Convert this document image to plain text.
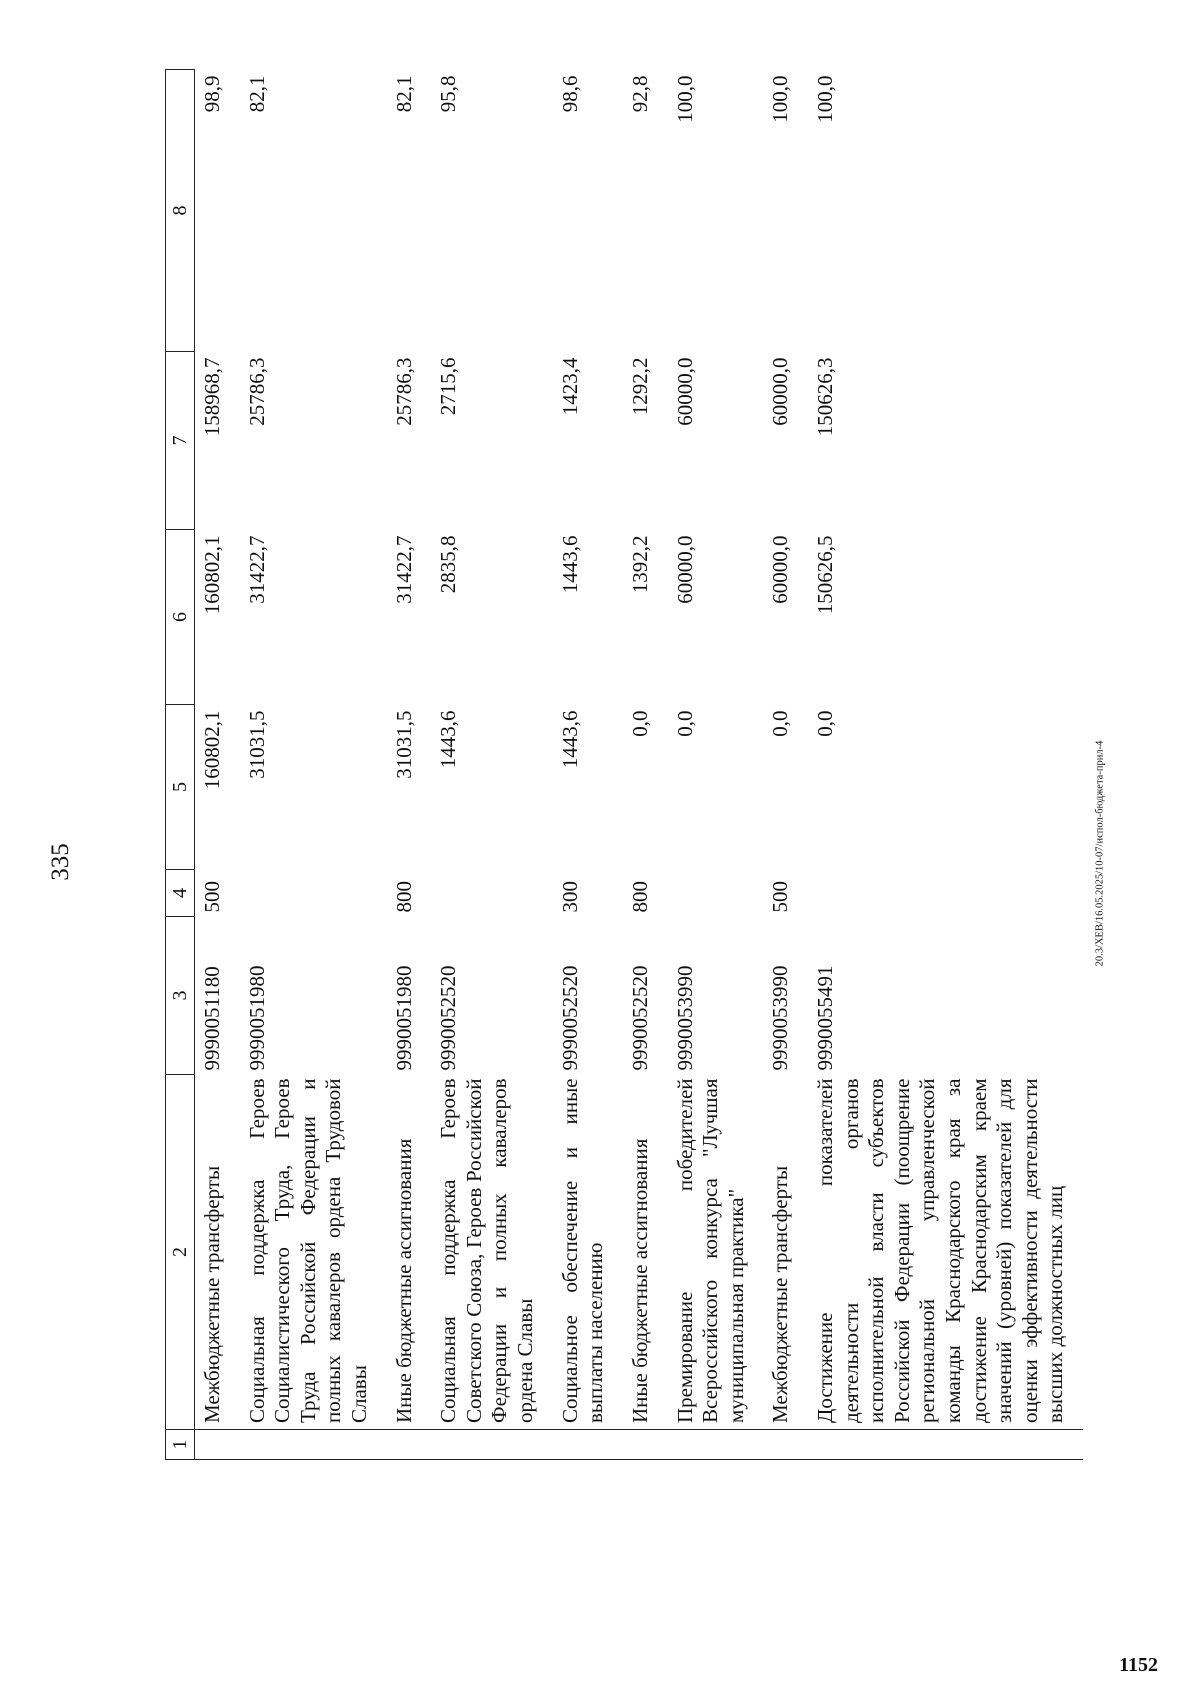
335
1	2	3	4	5	6	7	8
	Межбюджетные трансферты	9990051180	500	160802,1	160802,1	158968,7	98,9
	Социальная поддержка Героев Социалистического Труда, Героев Труда Российской Федерации и полных кавалеров ордена Трудовой Славы	9990051980		31031,5	31422,7	25786,3	82,1
	Иные бюджетные ассигнования	9990051980	800	31031,5	31422,7	25786,3	82,1
	Социальная поддержка Героев Советского Союза, Героев Российской Федерации и полных кавалеров ордена Славы	9990052520		1443,6	2835,8	2715,6	95,8
	Социальное обеспечение и иные выплаты населению	9990052520	300	1443,6	1443,6	1423,4	98,6
	Иные бюджетные ассигнования	9990052520	800	0,0	1392,2	1292,2	92,8
	Премирование победителей Всероссийского конкурса "Лучшая муниципальная практика"	9990053990		0,0	60000,0	60000,0	100,0
	Межбюджетные трансферты	9990053990	500	0,0	60000,0	60000,0	100,0
	Достижение показателей деятельности органов исполнительной власти субъектов Российской Федерации (поощрение региональной управленческой команды Краснодарского края за достижение Краснодарским краем значений (уровней) показателей для оценки эффективности деятельности высших должностных лиц	9990055491		0,0	150626,5	150626,3	100,0
20.3/ХЕВ/16.05.2025/10-07/испол-бюджета-прил-4
1152
